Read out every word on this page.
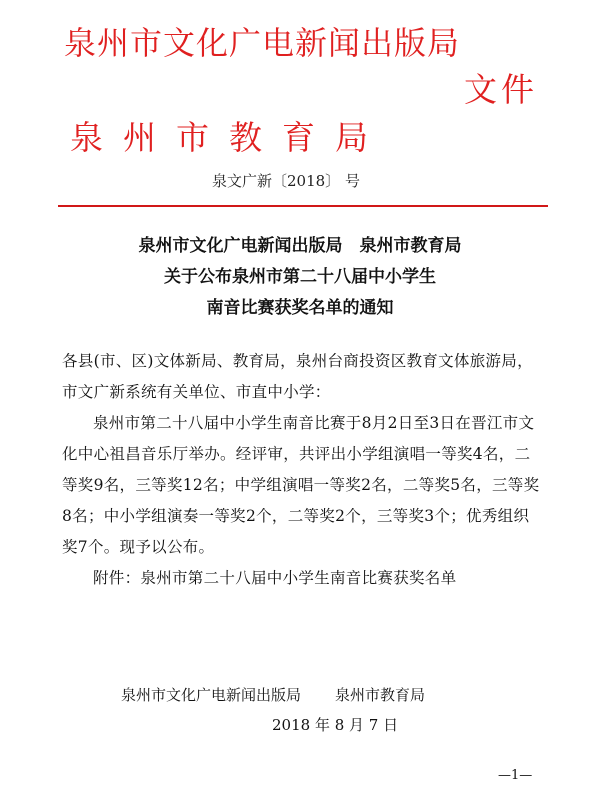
泉州市文化广电新闻出版局
文件
泉州市教育局
泉文广新〔2018〕 号
泉州市文化广电新闻出版局　泉州市教育局
关于公布泉州市第二十八届中小学生
南音比赛获奖名单的通知
各县(市、区)文体新局、教育局，泉州台商投资区教育文体旅游局，市文广新系统有关单位、市直中小学：
泉州市第二十八届中小学生南音比赛于8月2日至3日在晋江市文化中心祖昌音乐厅举办。经评审，共评出小学组演唱一等奖4名，二等奖9名，三等奖12名；中学组演唱一等奖2名，二等奖5名，三等奖8名；中小学组演奏一等奖2个，二等奖2个，三等奖3个；优秀组织奖7个。现予以公布。
附件：泉州市第二十八届中小学生南音比赛获奖名单
泉州市文化广电新闻出版局 泉州市教育局
2018 年 8 月 7 日
—1—
